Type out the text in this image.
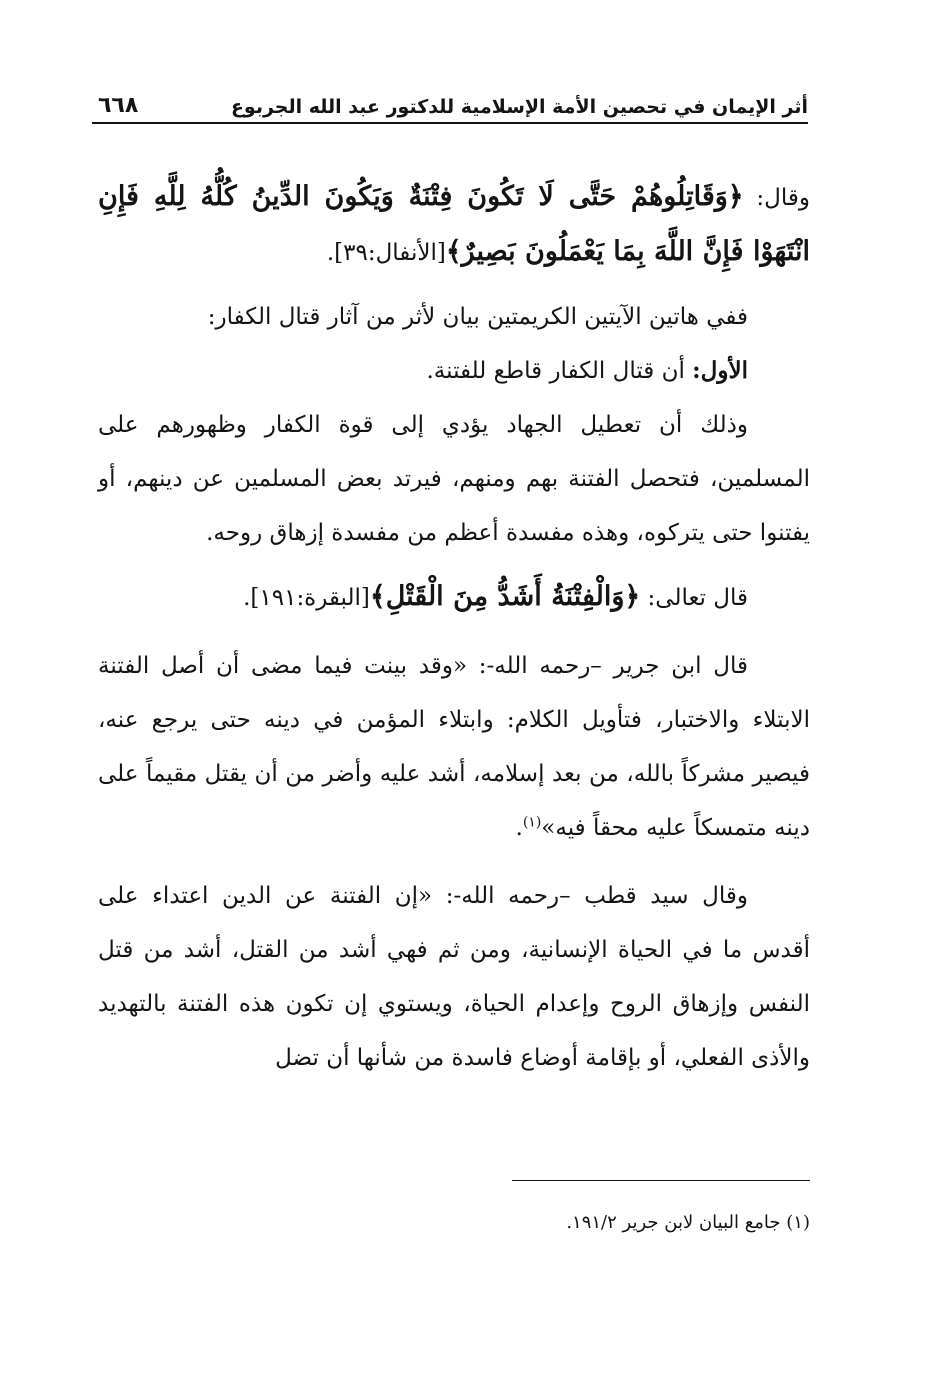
أثر الإيمان في تحصين الأمة الإسلامية للدكتور عبد الله الجربوع
٦٦٨

وقال: ﴿وَقَاتِلُوهُمْ حَتَّى لَا تَكُونَ فِتْنَةٌ وَيَكُونَ الدِّينُ كُلُّهُ لِلَّهِ فَإِنِ انْتَهَوْا فَإِنَّ اللَّهَ بِمَا يَعْمَلُونَ بَصِيرٌ﴾[الأنفال:٣٩].

ففي هاتين الآيتين الكريمتين بيان لأثر من آثار قتال الكفار:

الأول: أن قتال الكفار قاطع للفتنة.

وذلك أن تعطيل الجهاد يؤدي إلى قوة الكفار وظهورهم على المسلمين، فتحصل الفتنة بهم ومنهم، فيرتد بعض المسلمين عن دينهم، أو يفتنوا حتى يتركوه، وهذه مفسدة أعظم من مفسدة إزهاق روحه.

قال تعالى: ﴿وَالْفِتْنَةُ أَشَدُّ مِنَ الْقَتْلِ﴾[البقرة:١٩١].

قال ابن جرير –رحمه الله-: «وقد بينت فيما مضى أن أصل الفتنة الابتلاء والاختبار، فتأويل الكلام: وابتلاء المؤمن في دينه حتى يرجع عنه، فيصير مشركاً بالله، من بعد إسلامه، أشد عليه وأضر من أن يقتل مقيماً على دينه متمسكاً عليه محقاً فيه»$^{(١)}$.

وقال سيد قطب –رحمه الله-: «إن الفتنة عن الدين اعتداء على أقدس ما في الحياة الإنسانية، ومن ثم فهي أشد من القتل، أشد من قتل النفس وإزهاق الروح وإعدام الحياة، ويستوي إن تكون هذه الفتنة بالتهديد والأذى الفعلي، أو بإقامة أوضاع فاسدة من شأنها أن تضل

(١) جامع البيان لابن جرير ١٩١/٢.
